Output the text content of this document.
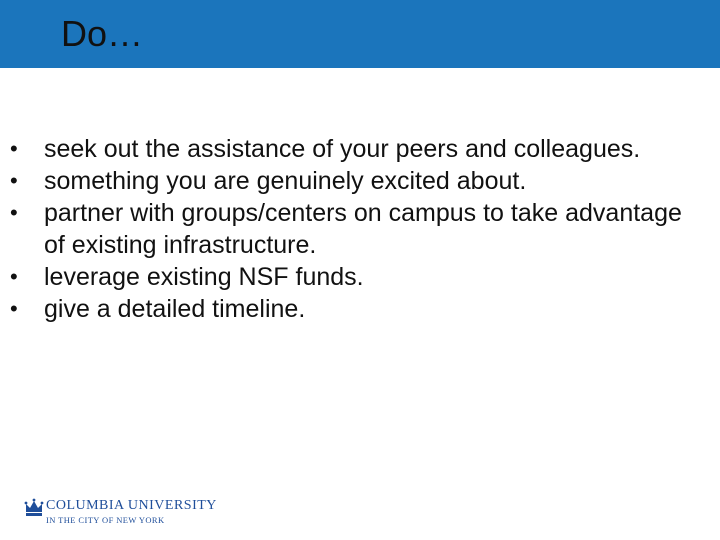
Do…
• seek out the assistance of your peers and colleagues.
• something you are genuinely excited about.
• partner with groups/centers on campus to take advantage of existing infrastructure.
• leverage existing NSF funds.
• give a detailed timeline.
COLUMBIA UNIVERSITY
IN THE CITY OF NEW YORK
